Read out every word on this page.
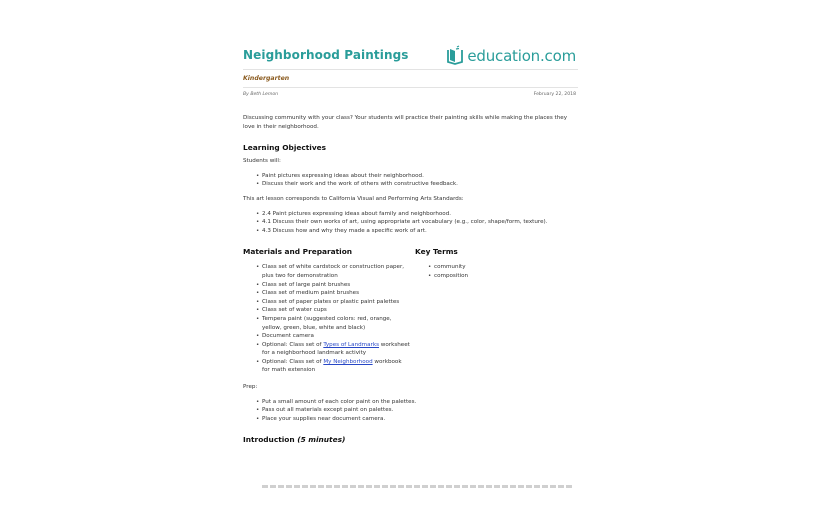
Neighborhood Paintings	education.com
Kindergarten
By Beth Lemon	February 22, 2018

Discussing community with your class? Your students will practice their painting skills while making the places they love in their neighborhood.

Learning Objectives

Students will:

• Paint pictures expressing ideas about their neighborhood.
• Discuss their work and the work of others with constructive feedback.

This art lesson corresponds to California Visual and Performing Arts Standards:

• 2.4 Paint pictures expressing ideas about family and neighborhood.
• 4.1 Discuss their own works of art, using appropriate art vocabulary (e.g., color, shape/form, texture).
• 4.3 Discuss how and why they made a specific work of art.
Materials and Preparation
• Class set of white cardstock or construction paper, plus two for demonstration
• Class set of large paint brushes
• Class set of medium paint brushes
• Class set of paper plates or plastic paint palettes
• Class set of water cups
• Tempera paint (suggested colors: red, orange, yellow, green, blue, white and black)
• Document camera
• Optional: Class set of Types of Landmarks worksheet for a neighborhood landmark activity
• Optional: Class set of My Neighborhood workbook for math extension
Key Terms
• community
• composition

Prep:

• Put a small amount of each color paint on the palettes.
• Pass out all materials except paint on palettes.
• Place your supplies near document camera.
Introduction (5 minutes)
